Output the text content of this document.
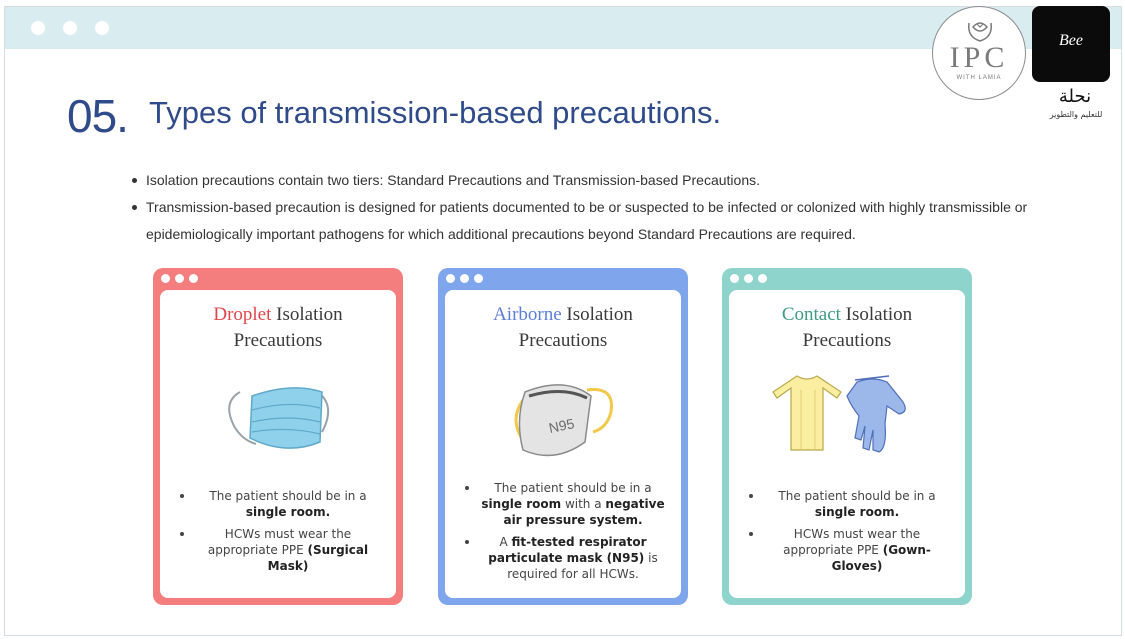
05. Types of transmission-based precautions.
Isolation precautions contain two tiers: Standard Precautions and Transmission-based Precautions.
Transmission-based precaution is designed for patients documented to be or suspected to be infected or colonized with highly transmissible or epidemiologically important pathogens for which additional precautions beyond Standard Precautions are required.
IPC
WITH LAMIA
Bee
نحلة
للتعليم والتطوير
Droplet Isolation
Precautions
The patient should be in a single room.
HCWs must wear the appropriate PPE (Surgical Mask)
Airborne Isolation
Precautions
N95
The patient should be in a single room with a negative air pressure system.
A fit-tested respirator particulate mask (N95) is required for all HCWs.
Contact Isolation
Precautions
The patient should be in a single room.
HCWs must wear the appropriate PPE (Gown-Gloves)
